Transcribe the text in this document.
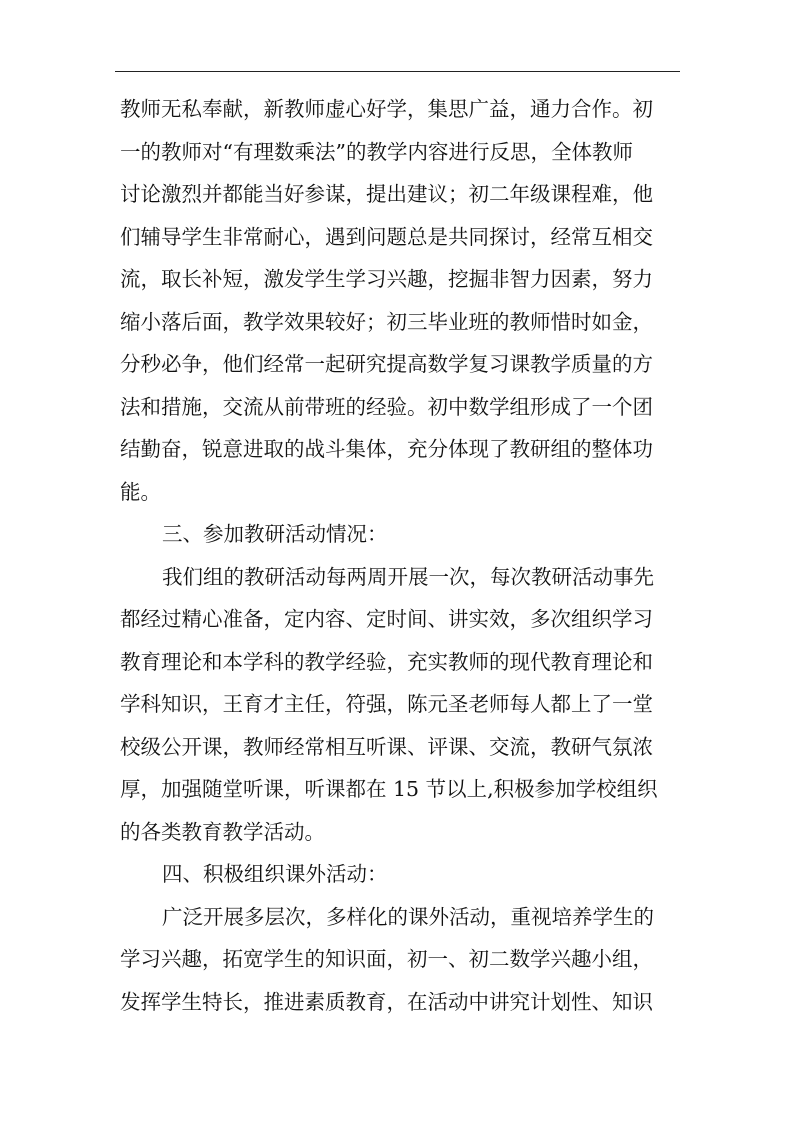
教师无私奉献，新教师虚心好学，集思广益，通力合作。初
一的教师对“有理数乘法”的教学内容进行反思，全体教师
讨论激烈并都能当好参谋，提出建议；初二年级课程难，他
们辅导学生非常耐心，遇到问题总是共同探讨，经常互相交
流，取长补短，激发学生学习兴趣，挖掘非智力因素，努力
缩小落后面，教学效果较好；初三毕业班的教师惜时如金，
分秒必争，他们经常一起研究提高数学复习课教学质量的方
法和措施，交流从前带班的经验。初中数学组形成了一个团
结勤奋，锐意进取的战斗集体，充分体现了教研组的整体功
能。
三、参加教研活动情况：
我们组的教研活动每两周开展一次，每次教研活动事先
都经过精心准备，定内容、定时间、讲实效，多次组织学习
教育理论和本学科的教学经验，充实教师的现代教育理论和
学科知识，王育才主任，符强，陈元圣老师每人都上了一堂
校级公开课，教师经常相互听课、评课、交流，教研气氛浓
厚，加强随堂听课，听课都在 15 节以上,积极参加学校组织
的各类教育教学活动。
四、积极组织课外活动：
广泛开展多层次，多样化的课外活动，重视培养学生的
学习兴趣，拓宽学生的知识面，初一、初二数学兴趣小组，
发挥学生特长，推进素质教育，在活动中讲究计划性、知识
